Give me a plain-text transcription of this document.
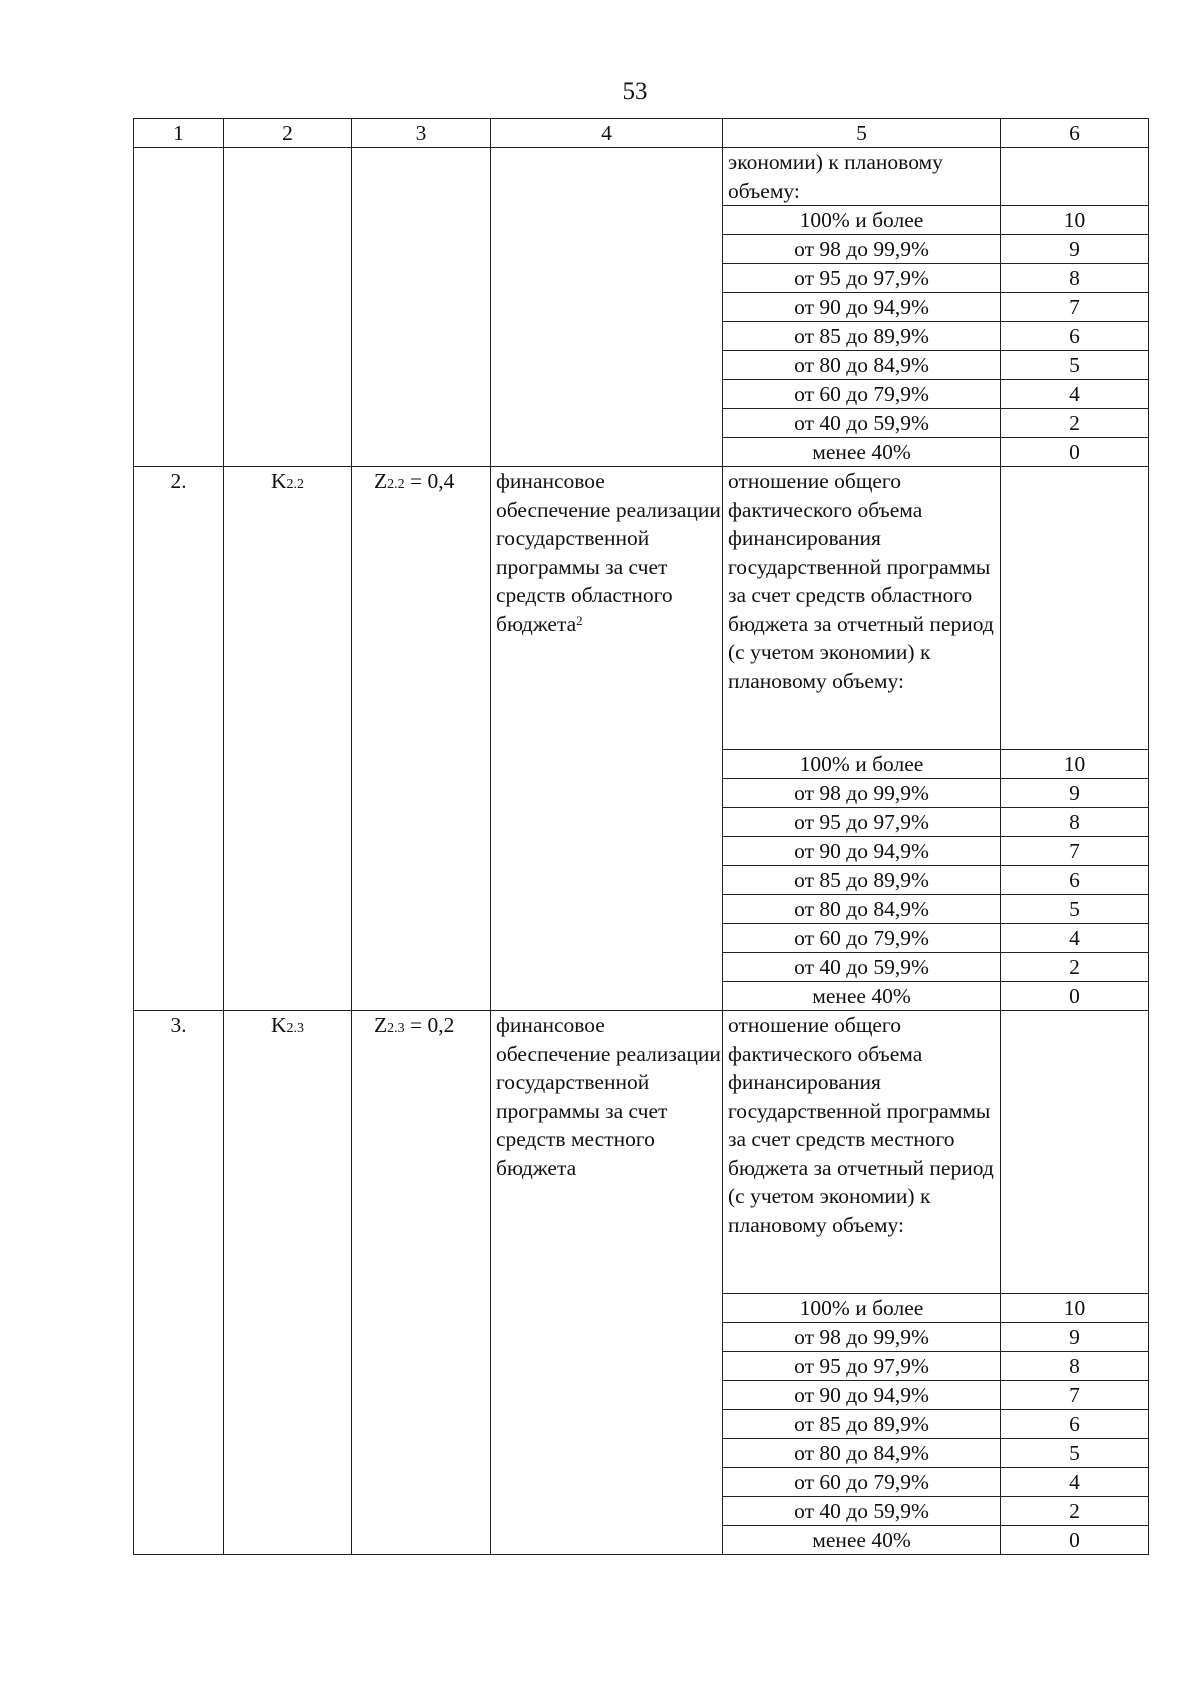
53
1	2	3	4	5	6
				экономии) к плановому объему:	
				100% и более	10
				от 98 до 99,9%	9
				от 95 до 97,9%	8
				от 90 до 94,9%	7
				от 85 до 89,9%	6
				от 80 до 84,9%	5
				от 60 до 79,9%	4
				от 40 до 59,9%	2
				менее 40%	0
2.	K2.2	Z2.2 = 0,4	финансовое обеспечение реализации государственной программы за счет средств областного бюджета$^2$	отношение общего фактического объема финансирования государственной программы за счет средств областного бюджета за отчетный период (с учетом экономии) к плановому объему:	
				100% и более	10
				от 98 до 99,9%	9
				от 95 до 97,9%	8
				от 90 до 94,9%	7
				от 85 до 89,9%	6
				от 80 до 84,9%	5
				от 60 до 79,9%	4
				от 40 до 59,9%	2
				менее 40%	0
3.	K2.3	Z2.3 = 0,2	финансовое обеспечение реализации государственной программы за счет средств местного бюджета	отношение общего фактического объема финансирования государственной программы за счет средств местного бюджета за отчетный период (с учетом экономии) к плановому объему:	
				100% и более	10
				от 98 до 99,9%	9
				от 95 до 97,9%	8
				от 90 до 94,9%	7
				от 85 до 89,9%	6
				от 80 до 84,9%	5
				от 60 до 79,9%	4
				от 40 до 59,9%	2
				менее 40%	0
